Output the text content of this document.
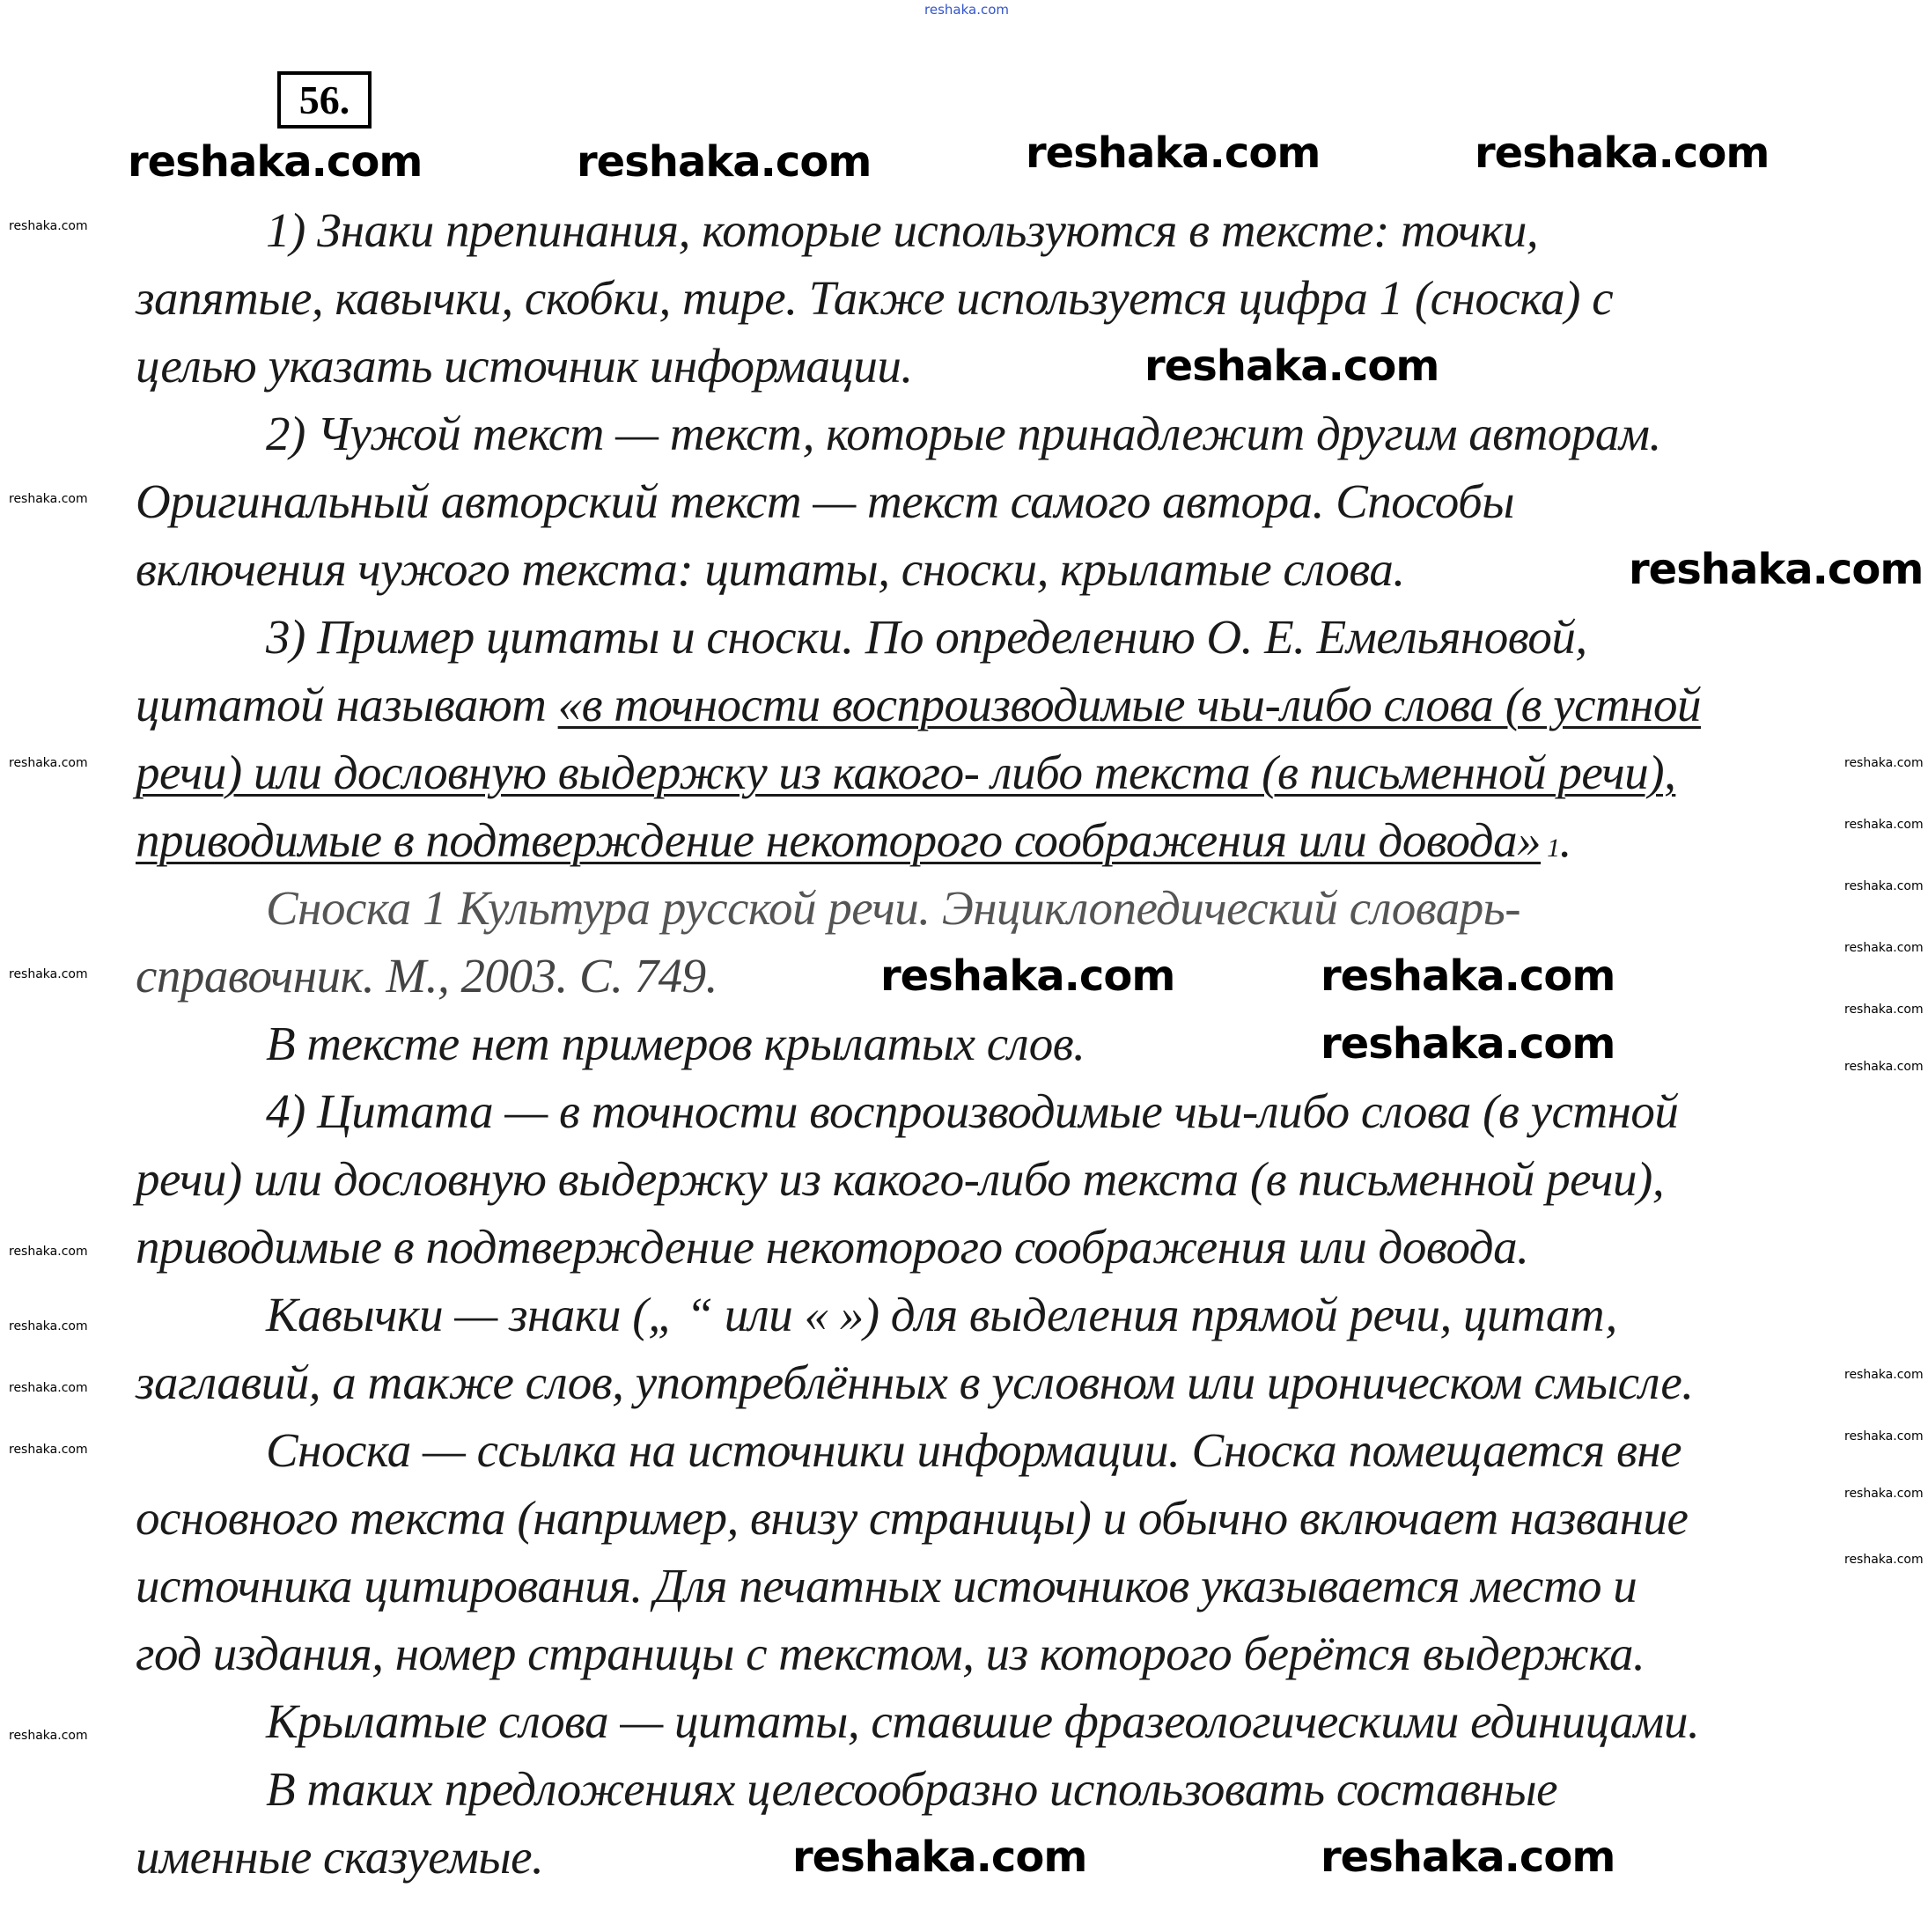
56.
1) Знаки препинания, которые используются в тексте: точки,
запятые, кавычки, скобки, тире. Также используется цифра 1 (сноска) с
целью указать источник информации.
2) Чужой текст — текст, которые принадлежит другим авторам.
Оригинальный авторский текст — текст самого автора. Способы
включения чужого текста: цитаты, сноски, крылатые слова.
3) Пример цитаты и сноски. По определению О. Е. Емельяновой,
цитатой называют «в точности воспроизводимые чьи-либо слова (в устной
речи) или дословную выдержку из какого- либо текста (в письменной речи),
приводимые в подтверждение некоторого соображения или довода» 1.
Сноска 1 Культура русской речи. Энциклопедический словарь-
справочник. М., 2003. С. 749.
В тексте нет примеров крылатых слов.
4) Цитата — в точности воспроизводимые чьи-либо слова (в устной
речи) или дословную выдержку из какого-либо текста (в письменной речи),
приводимые в подтверждение некоторого соображения или довода.
Кавычки — знаки („ “ или « ») для выделения прямой речи, цитат,
заглавий, а также слов, употреблённых в условном или ироническом смысле.
Сноска — ссылка на источники информации. Сноска помещается вне
основного текста (например, внизу страницы) и обычно включает название
источника цитирования. Для печатных источников указывается место и
год издания, номер страницы с текстом, из которого берётся выдержка.
Крылатые слова — цитаты, ставшие фразеологическими единицами.
В таких предложениях целесообразно использовать составные
именные сказуемые.
reshaka.com
reshaka.com	reshaka.com	reshaka.com	reshaka.com
reshaka.com
reshaka.com
reshaka.com	reshaka.com
reshaka.com
reshaka.com	reshaka.com
reshaka.com
reshaka.com
reshaka.com
reshaka.com
reshaka.com
reshaka.com
reshaka.com
reshaka.com
reshaka.com
reshaka.com
reshaka.com
reshaka.com
reshaka.com
reshaka.com
reshaka.com
reshaka.com
reshaka.com
reshaka.com
reshaka.com
